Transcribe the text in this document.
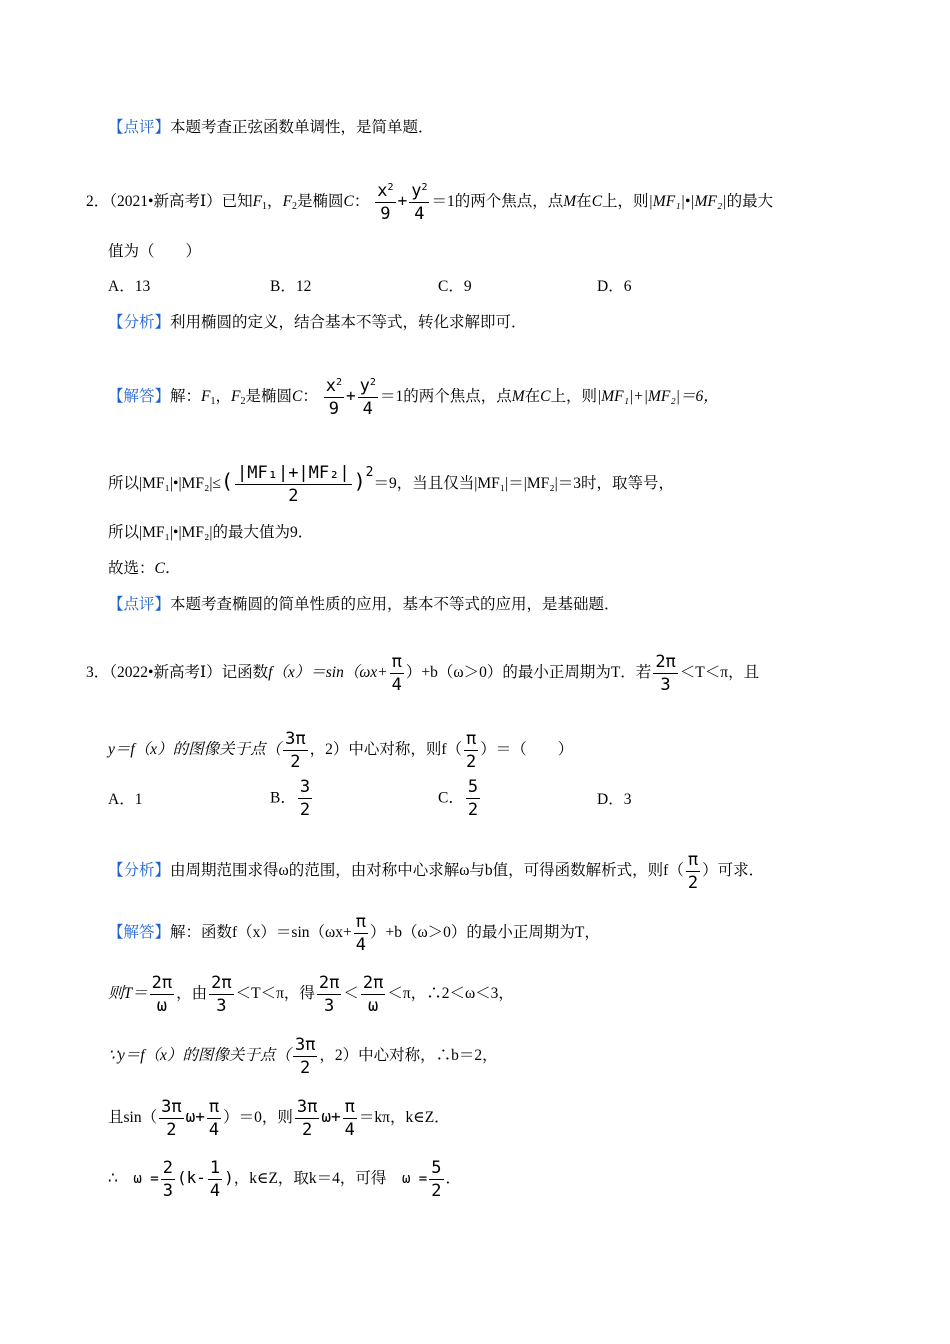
【点评】本题考查正弦函数单调性，是简单题．
2．（2021•新高考Ⅰ）已知$F_1$，$F_2$是椭圆C： $\frac{x^2}{9} + \frac{y^2}{4} =1$的两个焦点，点M在C上，则|MF₁|•|MF₂|的最大
值为（　　）
A．13	B．12	C．9	D．6
【分析】利用椭圆的定义，结合基本不等式，转化求解即可．
【解答】解：$F_1$，$F_2$是椭圆C： $\frac{x^2}{9} + \frac{y^2}{4} =1$的两个焦点，点M在C上，则|MF₁|+|MF₂|＝6，
所以|MF₁|•|MF₂|≤( $\frac{\text{|MF₁|+|MF₂|}}{2} )^2=9$，当且仅当|MF₁|＝|MF₂|＝3时，取等号，
所以|MF₁|•|MF₂|的最大值为9．
故选：C．
【点评】本题考查椭圆的简单性质的应用，基本不等式的应用，是基础题．
3．（2022•新高考Ⅰ）记函数$f(x)=\sin(\omega x+ \frac{\pi}{4} )+b(\omega>0)$的最小正周期为T．若 $\frac{2\pi}{3} <T<\pi$，且
y＝f（x）的图像关于点（ $\frac{3\pi}{2}$ ，2）中心对称，则$f( \frac{\pi}{2}$ ）＝（　　）
A．1	B． $\frac{3}{2}$	C． $\frac{5}{2}$	D．3
【分析】由周期范围求得ω的范围，由对称中心求解ω与b值，可得函数解析式，则$f( \frac{\pi}{2}$ ）可求．
【解答】解：函数$f(x)=\sin(\omega x+ \frac{\pi}{4} )+b(\omega>0)$的最小正周期为T，
则$T= \frac{2\pi}{\omega}$ ，由 $\frac{2\pi}{3} <T<\pi$，得 $\frac{2\pi}{3} < \frac{2\pi}{\omega} <\pi$，∴2＜ω＜3，
∵y＝f（x）的图像关于点（ $\frac{3\pi}{2}$ ，2）中心对称，∴b＝2，
且$\sin( \frac{3\pi}{2} \omega+ \frac{\pi}{4} )=0$，则 $\frac{3\pi}{2} \omega+ \frac{\pi}{4} =k\pi$，k∈Z．
∴　 $\omega = \frac{2}{3} (k- \frac{1}{4}$ )，k∈Z，取k＝4，可得　 $\omega = \frac{5}{2}$ ．
